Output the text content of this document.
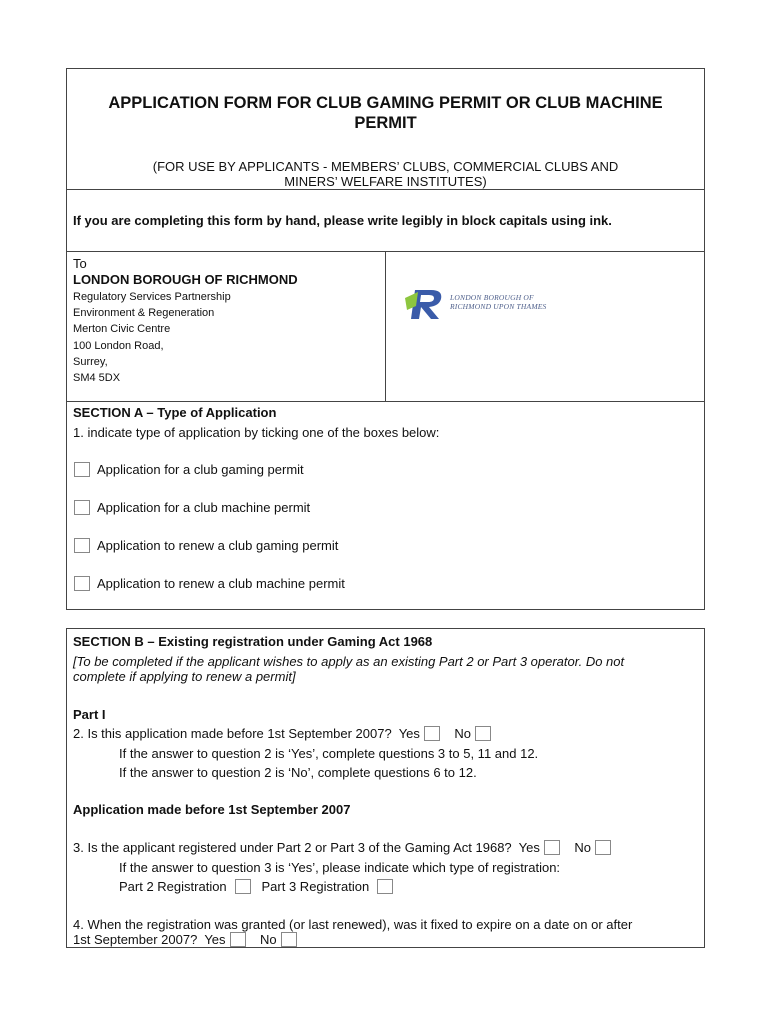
APPLICATION FORM FOR CLUB GAMING PERMIT OR CLUB MACHINE PERMIT
(FOR USE BY APPLICANTS - MEMBERS’ CLUBS, COMMERCIAL CLUBS AND MINERS’ WELFARE INSTITUTES)
If you are completing this form by hand, please write legibly in block capitals using ink.
To
LONDON BOROUGH OF RICHMOND
Regulatory Services Partnership
Environment & Regeneration
Merton Civic Centre
100 London Road,
Surrey,
SM4 5DX
SECTION A – Type of Application
1. indicate type of application by ticking one of the boxes below:
Application for a club gaming permit
Application for a club machine permit
Application to renew a club gaming permit
Application to renew a club machine permit
LONDON BOROUGH OF
RICHMOND UPON THAMES
SECTION B – Existing registration under Gaming Act 1968
[To be completed if the applicant wishes to apply as an existing Part 2 or Part 3 operator. Do not
complete if applying to renew a permit]
Part I
2. Is this application made before 1st September 2007? Yes	No
If the answer to question 2 is ‘Yes’, complete questions 3 to 5, 11 and 12.
If the answer to question 2 is ‘No’, complete questions 6 to 12.
Application made before 1st September 2007
3. Is the applicant registered under Part 2 or Part 3 of the Gaming Act 1968? Yes	No
If the answer to question 3 is ‘Yes’, please indicate which type of registration:
Part 2 Registration	Part 3 Registration
4. When the registration was granted (or last renewed), was it fixed to expire on a date on or after
1st September 2007? Yes	No
